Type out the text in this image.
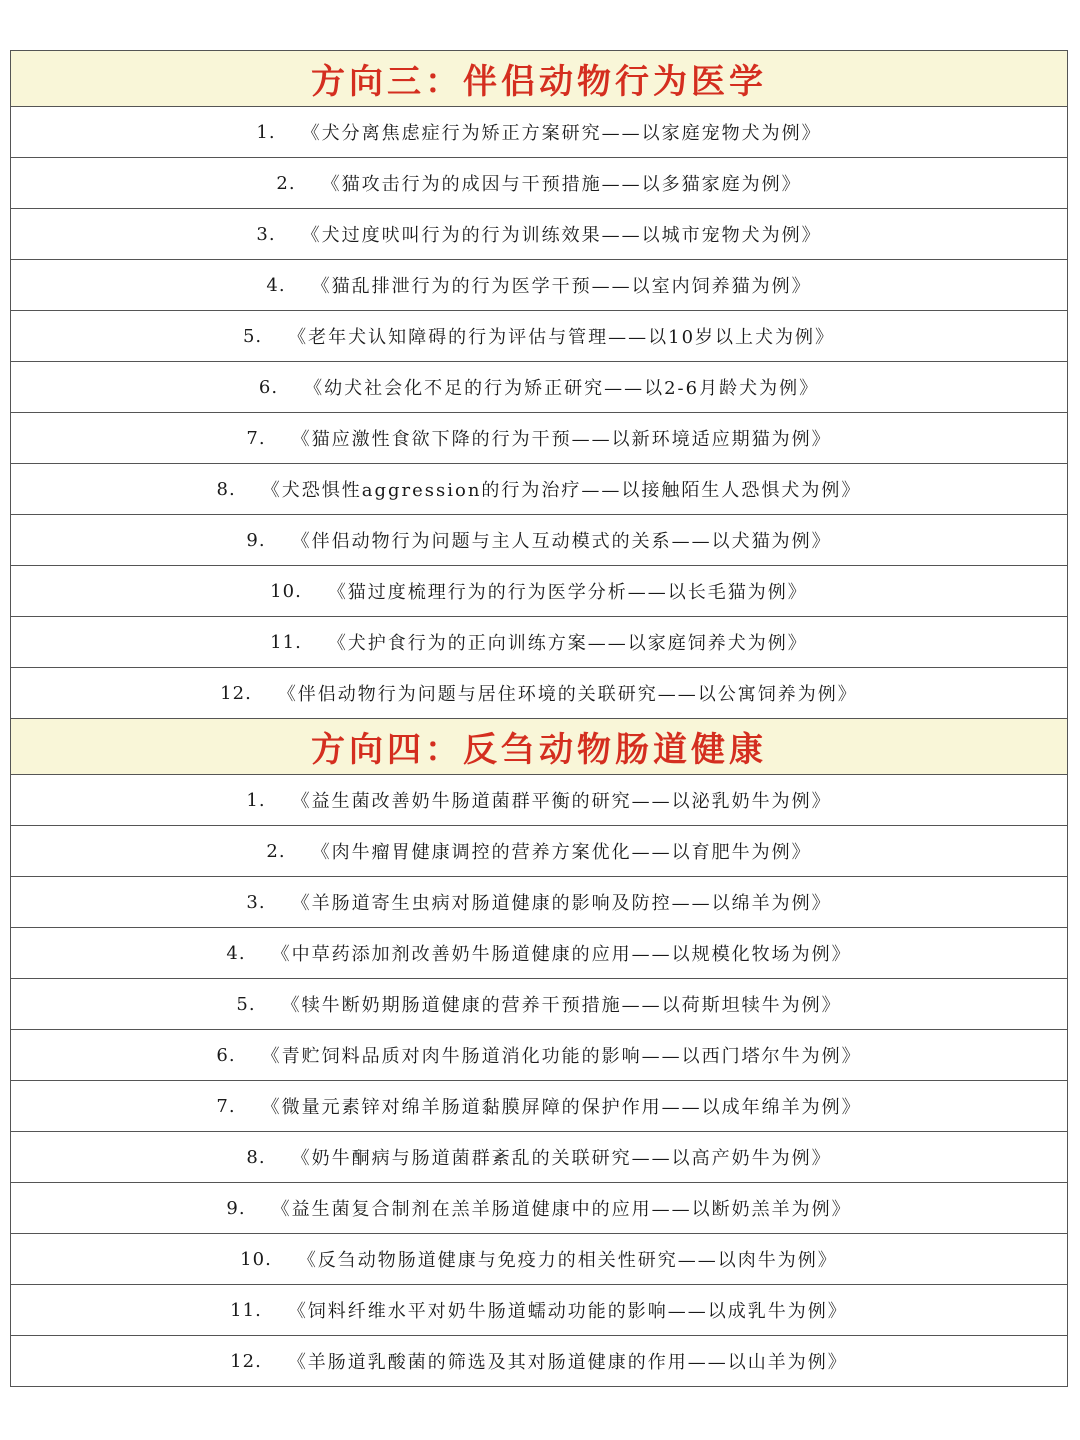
方向三：伴侣动物行为医学
1. 《犬分离焦虑症行为矫正方案研究——以家庭宠物犬为例》
2. 《猫攻击行为的成因与干预措施——以多猫家庭为例》
3. 《犬过度吠叫行为的行为训练效果——以城市宠物犬为例》
4. 《猫乱排泄行为的行为医学干预——以室内饲养猫为例》
5. 《老年犬认知障碍的行为评估与管理——以10岁以上犬为例》
6. 《幼犬社会化不足的行为矫正研究——以2-6月龄犬为例》
7. 《猫应激性食欲下降的行为干预——以新环境适应期猫为例》
8. 《犬恐惧性aggression的行为治疗——以接触陌生人恐惧犬为例》
9. 《伴侣动物行为问题与主人互动模式的关系——以犬猫为例》
10. 《猫过度梳理行为的行为医学分析——以长毛猫为例》
11. 《犬护食行为的正向训练方案——以家庭饲养犬为例》
12. 《伴侣动物行为问题与居住环境的关联研究——以公寓饲养为例》
方向四：反刍动物肠道健康
1. 《益生菌改善奶牛肠道菌群平衡的研究——以泌乳奶牛为例》
2. 《肉牛瘤胃健康调控的营养方案优化——以育肥牛为例》
3. 《羊肠道寄生虫病对肠道健康的影响及防控——以绵羊为例》
4. 《中草药添加剂改善奶牛肠道健康的应用——以规模化牧场为例》
5. 《犊牛断奶期肠道健康的营养干预措施——以荷斯坦犊牛为例》
6. 《青贮饲料品质对肉牛肠道消化功能的影响——以西门塔尔牛为例》
7. 《微量元素锌对绵羊肠道黏膜屏障的保护作用——以成年绵羊为例》
8. 《奶牛酮病与肠道菌群紊乱的关联研究——以高产奶牛为例》
9. 《益生菌复合制剂在羔羊肠道健康中的应用——以断奶羔羊为例》
10. 《反刍动物肠道健康与免疫力的相关性研究——以肉牛为例》
11. 《饲料纤维水平对奶牛肠道蠕动功能的影响——以成乳牛为例》
12. 《羊肠道乳酸菌的筛选及其对肠道健康的作用——以山羊为例》
